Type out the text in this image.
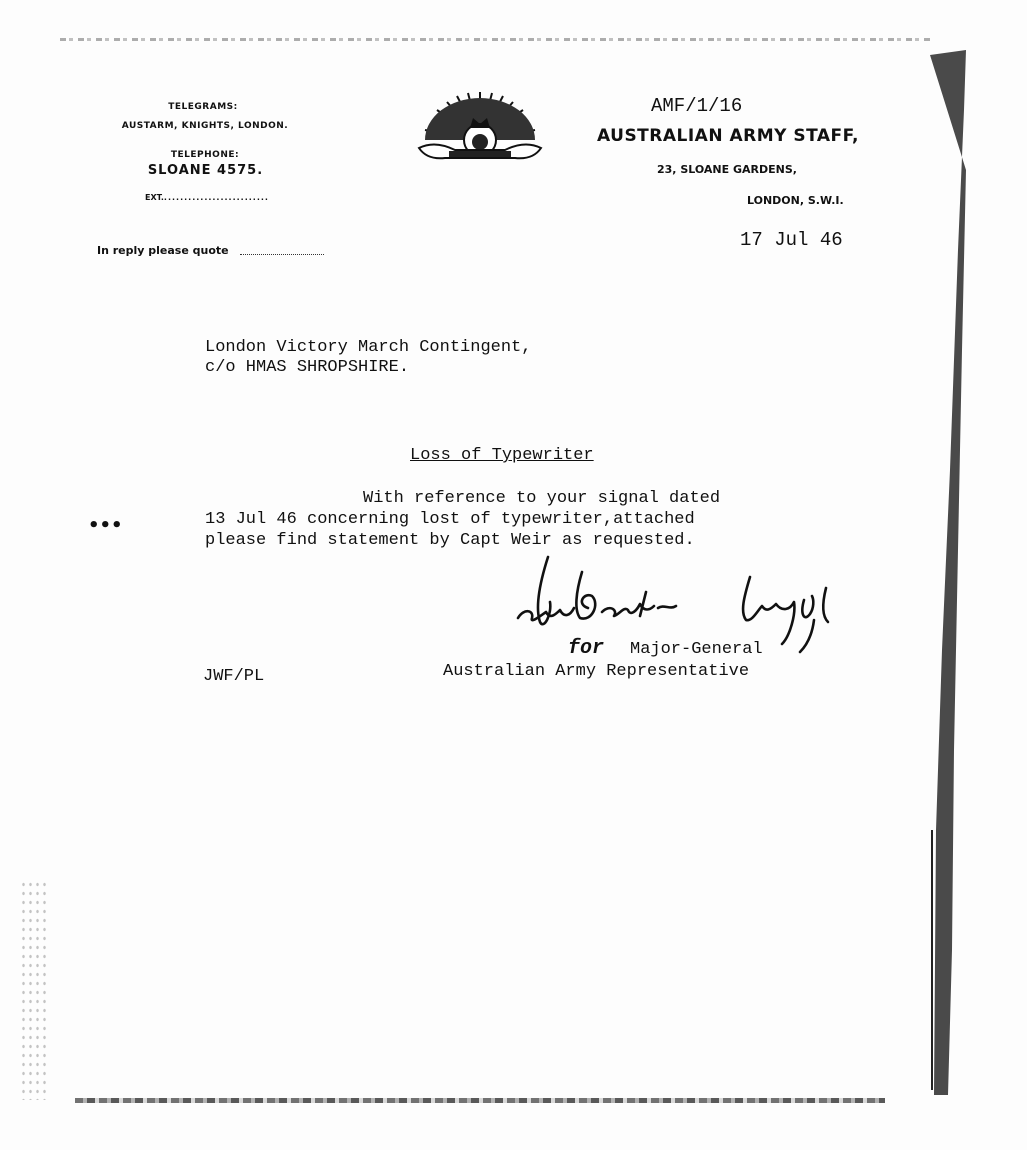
TELEGRAMS:
AUSTARM, KNIGHTS, LONDON.
TELEPHONE:
SLOANE 4575.
EXT...........................
AMF/1/16
AUSTRALIAN ARMY STAFF,
23, SLOANE GARDENS,
LONDON, S.W.I.
17 Jul 46
In reply please quote
London Victory March Contingent,
c/o HMAS SHROPSHIRE.
Loss of Typewriter
With reference to your signal dated
13 Jul 46 concerning lost of typewriter,attached
please find statement by Capt Weir as requested.
•••
for Major-General
Australian Army Representative
JWF/PL
